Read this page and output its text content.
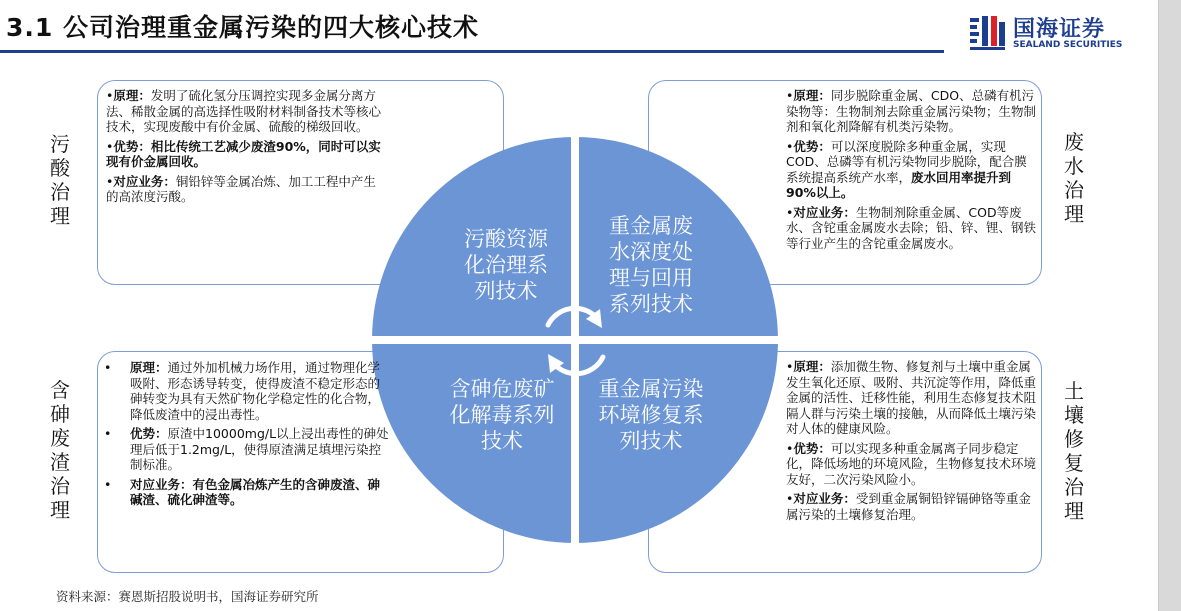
3.1 公司治理重金属污染的四大核心技术	国海证券
SEALAND SECURITIES
污酸资源
化治理系
列技术
重金属废
水深度处
理与回用
系列技术
含砷危废矿
化解毒系列
技术
重金属污染
环境修复系
列技术
污
酸
治
理
废
水
治
理
含
砷
废
渣
治
理
土
壤
修
复
治
理

•原理：发明了硫化氢分压调控实现多金属分离方法、稀散金属的高选择性吸附材料制备技术等核心技术，实现废酸中有价金属、硫酸的梯级回收。

•优势：相比传统工艺减少废渣90%，同时可以实现有价金属回收。

•对应业务：铜铅锌等金属冶炼、加工工程中产生的高浓度污酸。

•原理：同步脱除重金属、CDO、总磷有机污染物等：生物制剂去除重金属污染物；生物制剂和氧化剂降解有机类污染物。

•优势：可以深度脱除多种重金属，实现COD、总磷等有机污染物同步脱除，配合膜系统提高系统产水率，废水回用率提升到90%以上。

•对应业务：生物制剂除重金属、COD等废水、含铊重金属废水去除；铅、锌、锂、钢铁等行业产生的含铊重金属废水。

•	原理：通过外加机械力场作用，通过物理化学吸附、形态诱导转变，使得废渣不稳定形态的砷转变为具有天然矿物化学稳定性的化合物，降低废渣中的浸出毒性。
•	优势：原渣中10000mg/L以上浸出毒性的砷处理后低于1.2mg/L，使得原渣满足填埋污染控制标准。
•	对应业务：有色金属冶炼产生的含砷废渣、砷碱渣、硫化砷渣等。

•原理：添加微生物、修复剂与土壤中重金属发生氧化还原、吸附、共沉淀等作用，降低重金属的活性、迁移性能，利用生态修复技术阻隔人群与污染土壤的接触，从而降低土壤污染对人体的健康风险。

•优势：可以实现多种重金属离子同步稳定化，降低场地的环境风险，生物修复技术环境友好，二次污染风险小。

•对应业务：受到重金属铜铅锌镉砷铬等重金属污染的土壤修复治理。

资料来源：赛恩斯招股说明书，国海证券研究所
